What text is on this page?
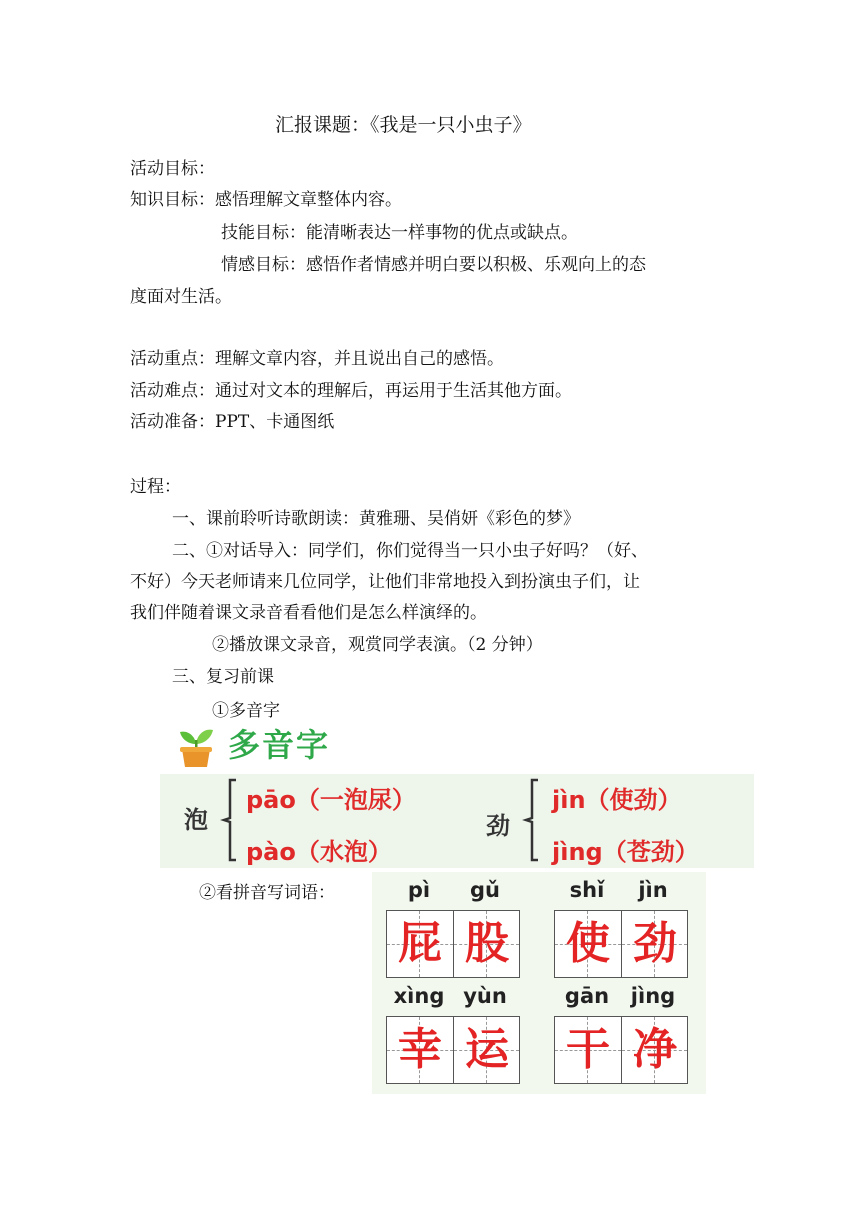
汇报课题：《我是一只小虫子》
活动目标：
知识目标：感悟理解文章整体内容。
技能目标：能清晰表达一样事物的优点或缺点。
情感目标：感悟作者情感并明白要以积极、乐观向上的态
度面对生活。
活动重点：理解文章内容，并且说出自己的感悟。
活动难点：通过对文本的理解后，再运用于生活其他方面。
活动准备：PPT、卡通图纸
过程：
一、课前聆听诗歌朗读：黄雅珊、吴俏妍《彩色的梦》
二、①对话导入：同学们，你们觉得当一只小虫子好吗？（好、
不好）今天老师请来几位同学，让他们非常地投入到扮演虫子们，让
我们伴随着课文录音看看他们是怎么样演绎的。
②播放课文录音，观赏同学表演。（2 分钟）
三、复习前课
①多音字
②看拼音写词语：
多音字
泡
pāo（一泡尿）
pào（水泡）
劲
jìn（使劲）
jìng（苍劲）
pì	gǔ
屁 股
shǐ	jìn
使 劲
xìng yùn
幸 运
gān	jìng
干 净
